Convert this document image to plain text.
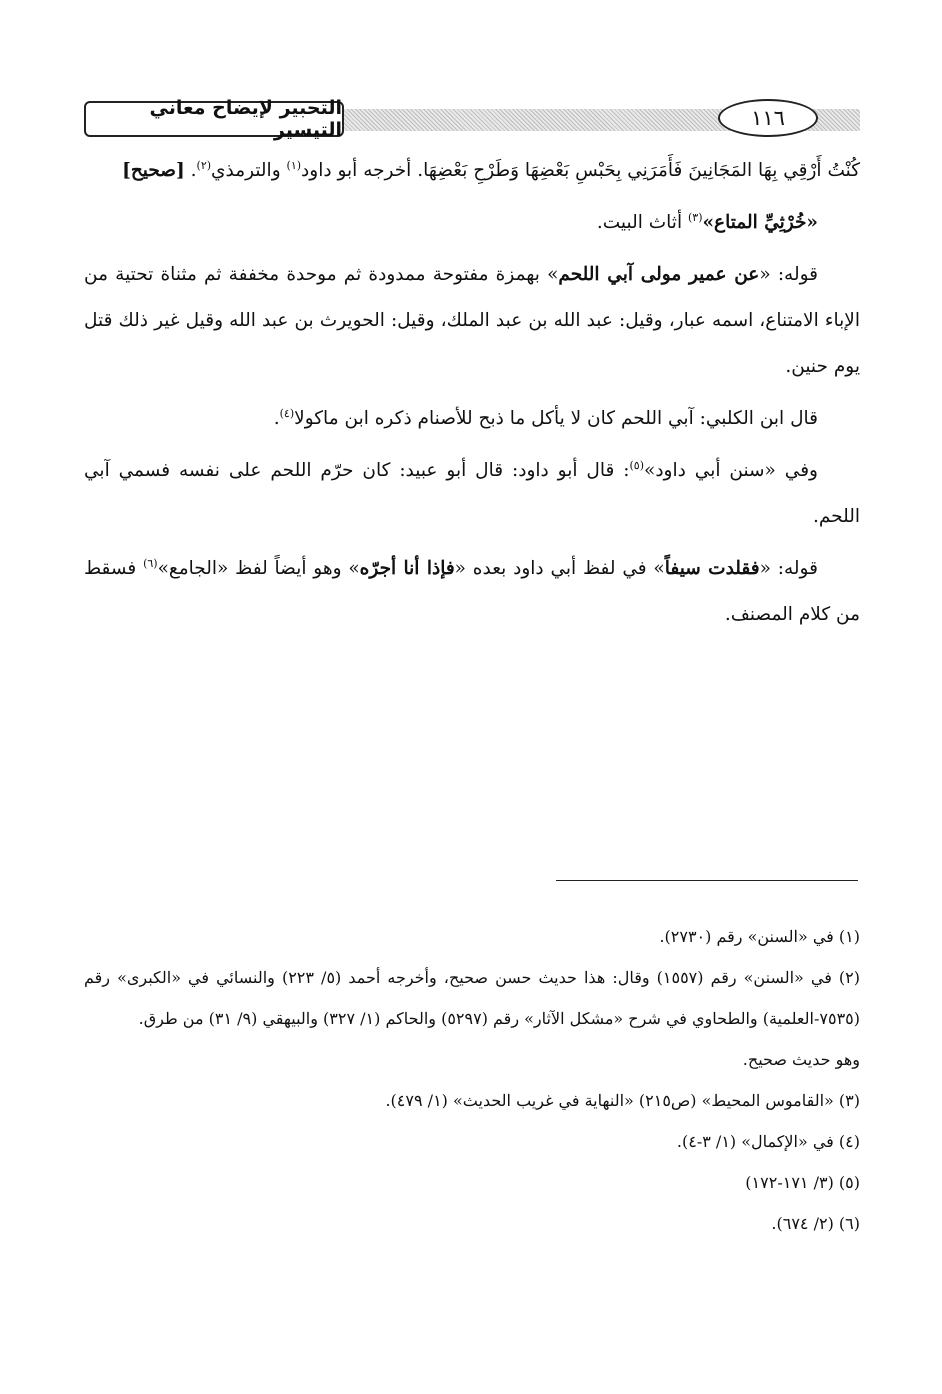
التحبير لإيضاح معاني التيسير	١١٦

كُنْتُ أَرْقِي بِهَا المَجَانِينَ فَأَمَرَنِي بِحَبْسِ بَعْضِهَا وَطَرْحِ بَعْضِهَا. أخرجه أبو داود$^{(١)}$ والترمذي$^{(٢)}$. [صحيح]

«خُرْثِيِّ المتاع»$^{(٣)}$ أثاث البيت.

قوله: «عن عمير مولى آبي اللحم» بهمزة مفتوحة ممدودة ثم موحدة مخففة ثم مثناة تحتية من الإباء الامتناع، اسمه عبار، وقيل: عبد الله بن عبد الملك، وقيل: الحويرث بن عبد الله وقيل غير ذلك قتل يوم حنين.

قال ابن الكلبي: آبي اللحم كان لا يأكل ما ذبح للأصنام ذكره ابن ماكولا$^{(٤)}$.

وفي «سنن أبي داود»$^{(٥)}$: قال أبو داود: قال أبو عبيد: كان حرّم اللحم على نفسه فسمي آبي اللحم.

قوله: «فقلدت سيفاً» في لفظ أبي داود بعده «فإذا أنا أجرّه» وهو أيضاً لفظ «الجامع»$^{(٦)}$ فسقط من كلام المصنف.

(١) في «السنن» رقم (٢٧٣٠).

(٢) في «السنن» رقم (١٥٥٧) وقال: هذا حديث حسن صحيح، وأخرجه أحمد (٥/ ٢٢٣) والنسائي في «الكبرى» رقم (٧٥٣٥-العلمية) والطحاوي في شرح «مشكل الآثار» رقم (٥٢٩٧) والحاكم (١/ ٣٢٧) والبيهقي (٩/ ٣١) من طرق.

وهو حديث صحيح.

(٣) «القاموس المحيط» (ص٢١٥) «النهاية في غريب الحديث» (١/ ٤٧٩).

(٤) في «الإكمال» (١/ ٣-٤).

(٥) (٣/ ١٧١-١٧٢)

(٦) (٢/ ٦٧٤).
